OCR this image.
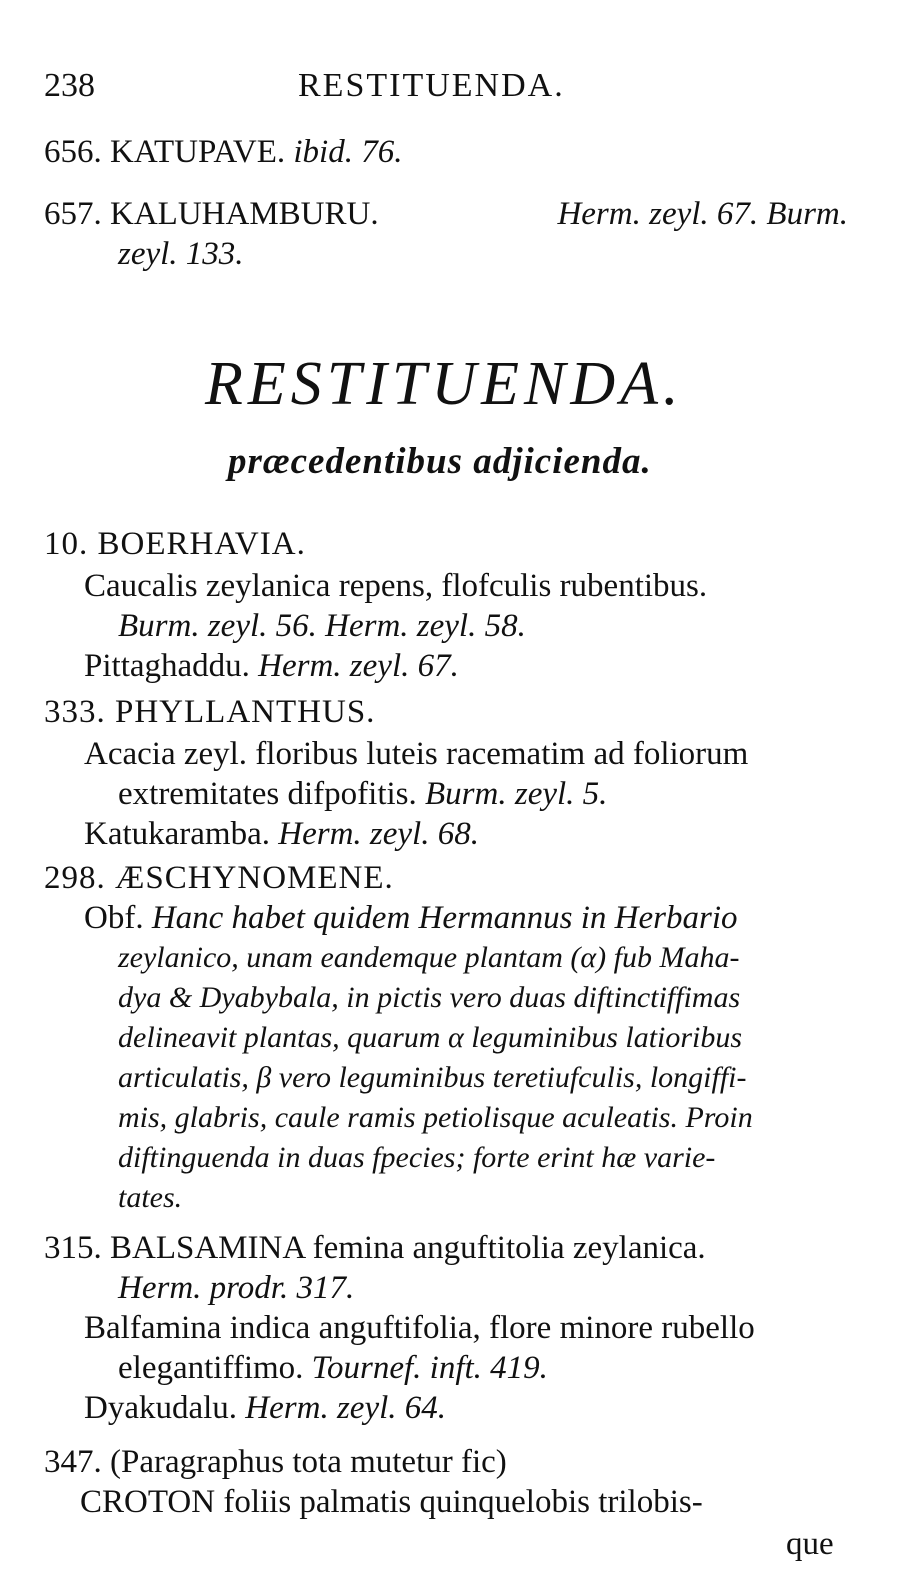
238	RESTITUENDA.
656. KATUPAVE. ibid. 76.
657. KALUHAMBURU.	Herm. zeyl. 67. Burm.
zeyl. 133.
RESTITUENDA.
præcedentibus adjicienda.
10. BOERHAVIA.
Caucalis zeylanica repens, flofculis rubentibus.
Burm. zeyl. 56. Herm. zeyl. 58.
Pittaghaddu. Herm. zeyl. 67.
333. PHYLLANTHUS.
Acacia zeyl. floribus luteis racematim ad foliorum
extremitates difpofitis. Burm. zeyl. 5.
Katukaramba. Herm. zeyl. 68.
298. ÆSCHYNOMENE.
Obf. Hanc habet quidem Hermannus in Herbario
zeylanico, unam eandemque plantam (α) fub Maha-
dya & Dyabybala, in pictis vero duas diftinctiffimas
delineavit plantas, quarum α leguminibus latioribus
articulatis, β vero leguminibus teretiufculis, longiffi-
mis, glabris, caule ramis petiolisque aculeatis. Proin
diftinguenda in duas fpecies; forte erint hæ varie-
tates.
315. BALSAMINA femina anguftitolia zeylanica.
Herm. prodr. 317.
Balfamina indica anguftifolia, flore minore rubello
elegantiffimo. Tournef. inft. 419.
Dyakudalu. Herm. zeyl. 64.
347. (Paragraphus tota mutetur fic)
CROTON foliis palmatis quinquelobis trilobis-
que
